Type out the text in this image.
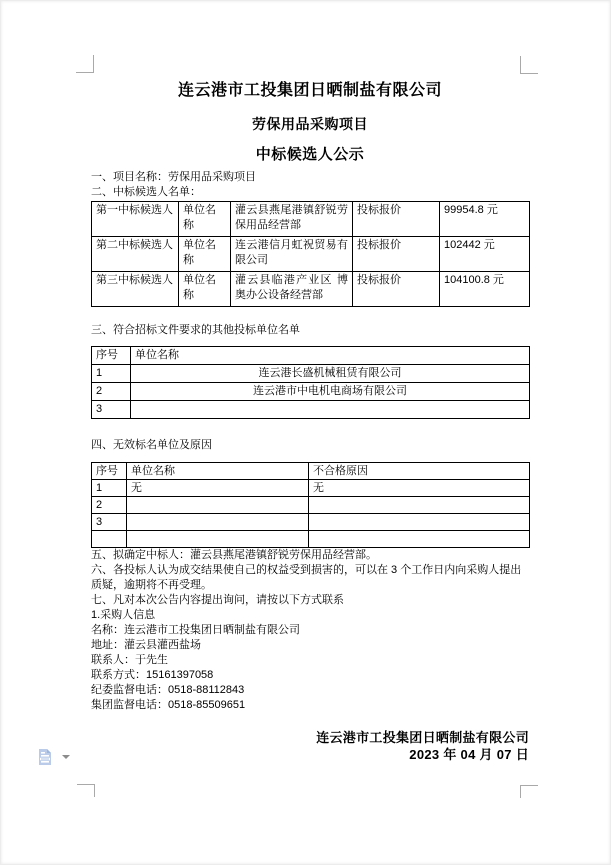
连云港市工投集团日晒制盐有限公司
劳保用品采购项目
中标候选人公示

一、项目名称：劳保用品采购项目

二、中标候选人名单：

第一中标候选人	单位名称	灌云县燕尾港镇舒锐劳保用品经营部	投标报价	99954.8 元
第二中标候选人	单位名称	连云港信月虹祝贸易有限公司	投标报价	102442 元
第三中标候选人	单位名称	灌云县临港产业区 博奥办公设备经营部	投标报价	104100.8 元

三、符合招标文件要求的其他投标单位名单

序号	单位名称
1	连云港长盛机械租赁有限公司
2	连云港市中电机电商场有限公司
3	

四、无效标名单位及原因

序号	单位名称	不合格原因
1	无	无
2		
3		

五、拟确定中标人：灌云县燕尾港镇舒锐劳保用品经营部。

六、各投标人认为成交结果使自己的权益受到损害的，可以在 3 个工作日内向采购人提出质疑，逾期将不再受理。

七、凡对本次公告内容提出询问，请按以下方式联系

1.采购人信息

名称：连云港市工投集团日晒制盐有限公司

地址：灌云县灌西盐场

联系人：于先生

联系方式：15161397058

纪委监督电话：0518-88112843

集团监督电话：0518-85509651

连云港市工投集团日晒制盐有限公司
2023 年 04 月 07 日
